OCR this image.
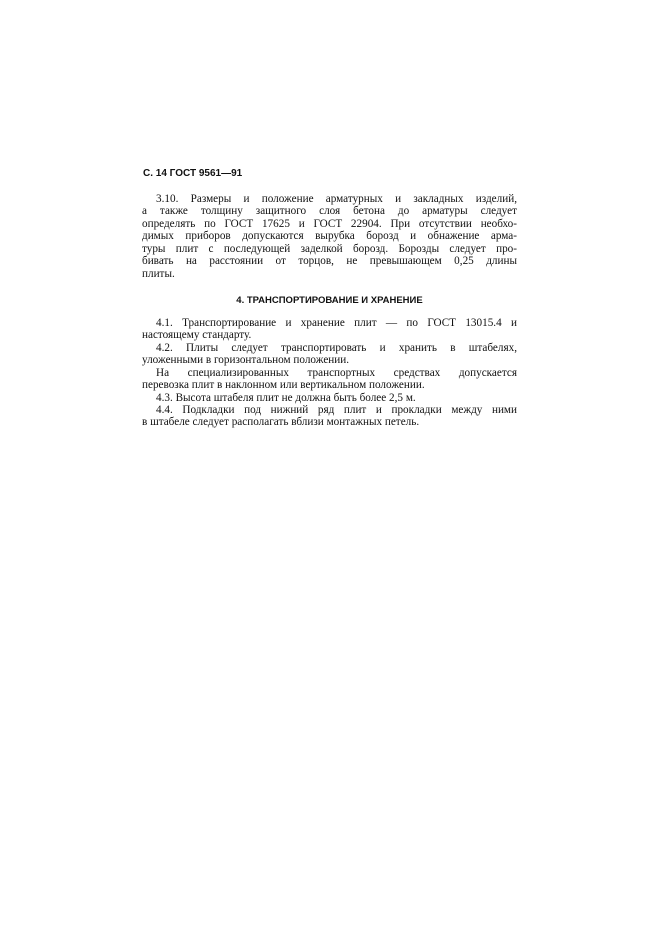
С. 14 ГОСТ 9561—91
3.10. Размеры и положение арматурных и закладных изделий,
а также толщину защитного слоя бетона до арматуры следует
определять по ГОСТ 17625 и ГОСТ 22904. При отсутствии необхо-
димых приборов допускаются вырубка борозд и обнажение арма-
туры плит с последующей заделкой борозд. Борозды следует про-
бивать на расстоянии от торцов, не превышающем 0,25 длины
плиты.
4. ТРАНСПОРТИРОВАНИЕ И ХРАНЕНИЕ
4.1. Транспортирование и хранение плит — по ГОСТ 13015.4 и
настоящему стандарту.
4.2. Плиты следует транспортировать и хранить в штабелях,
уложенными в горизонтальном положении.
На специализированных транспортных средствах допускается
перевозка плит в наклонном или вертикальном положении.
4.3. Высота штабеля плит не должна быть более 2,5 м.
4.4. Подкладки под нижний ряд плит и прокладки между ними
в штабеле следует располагать вблизи монтажных петель.
